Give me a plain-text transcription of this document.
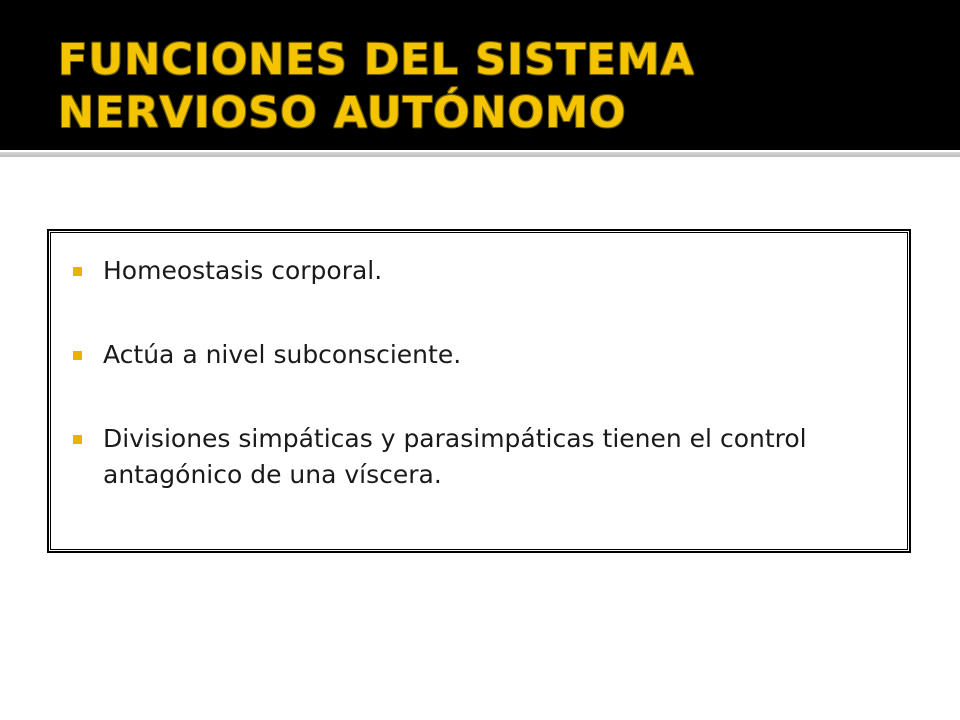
FUNCIONES DEL SISTEMA NERVIOSO AUTÓNOMO
Homeostasis corporal.
Actúa a nivel subconsciente.
Divisiones simpáticas y parasimpáticas tienen el control antagónico de una víscera.
